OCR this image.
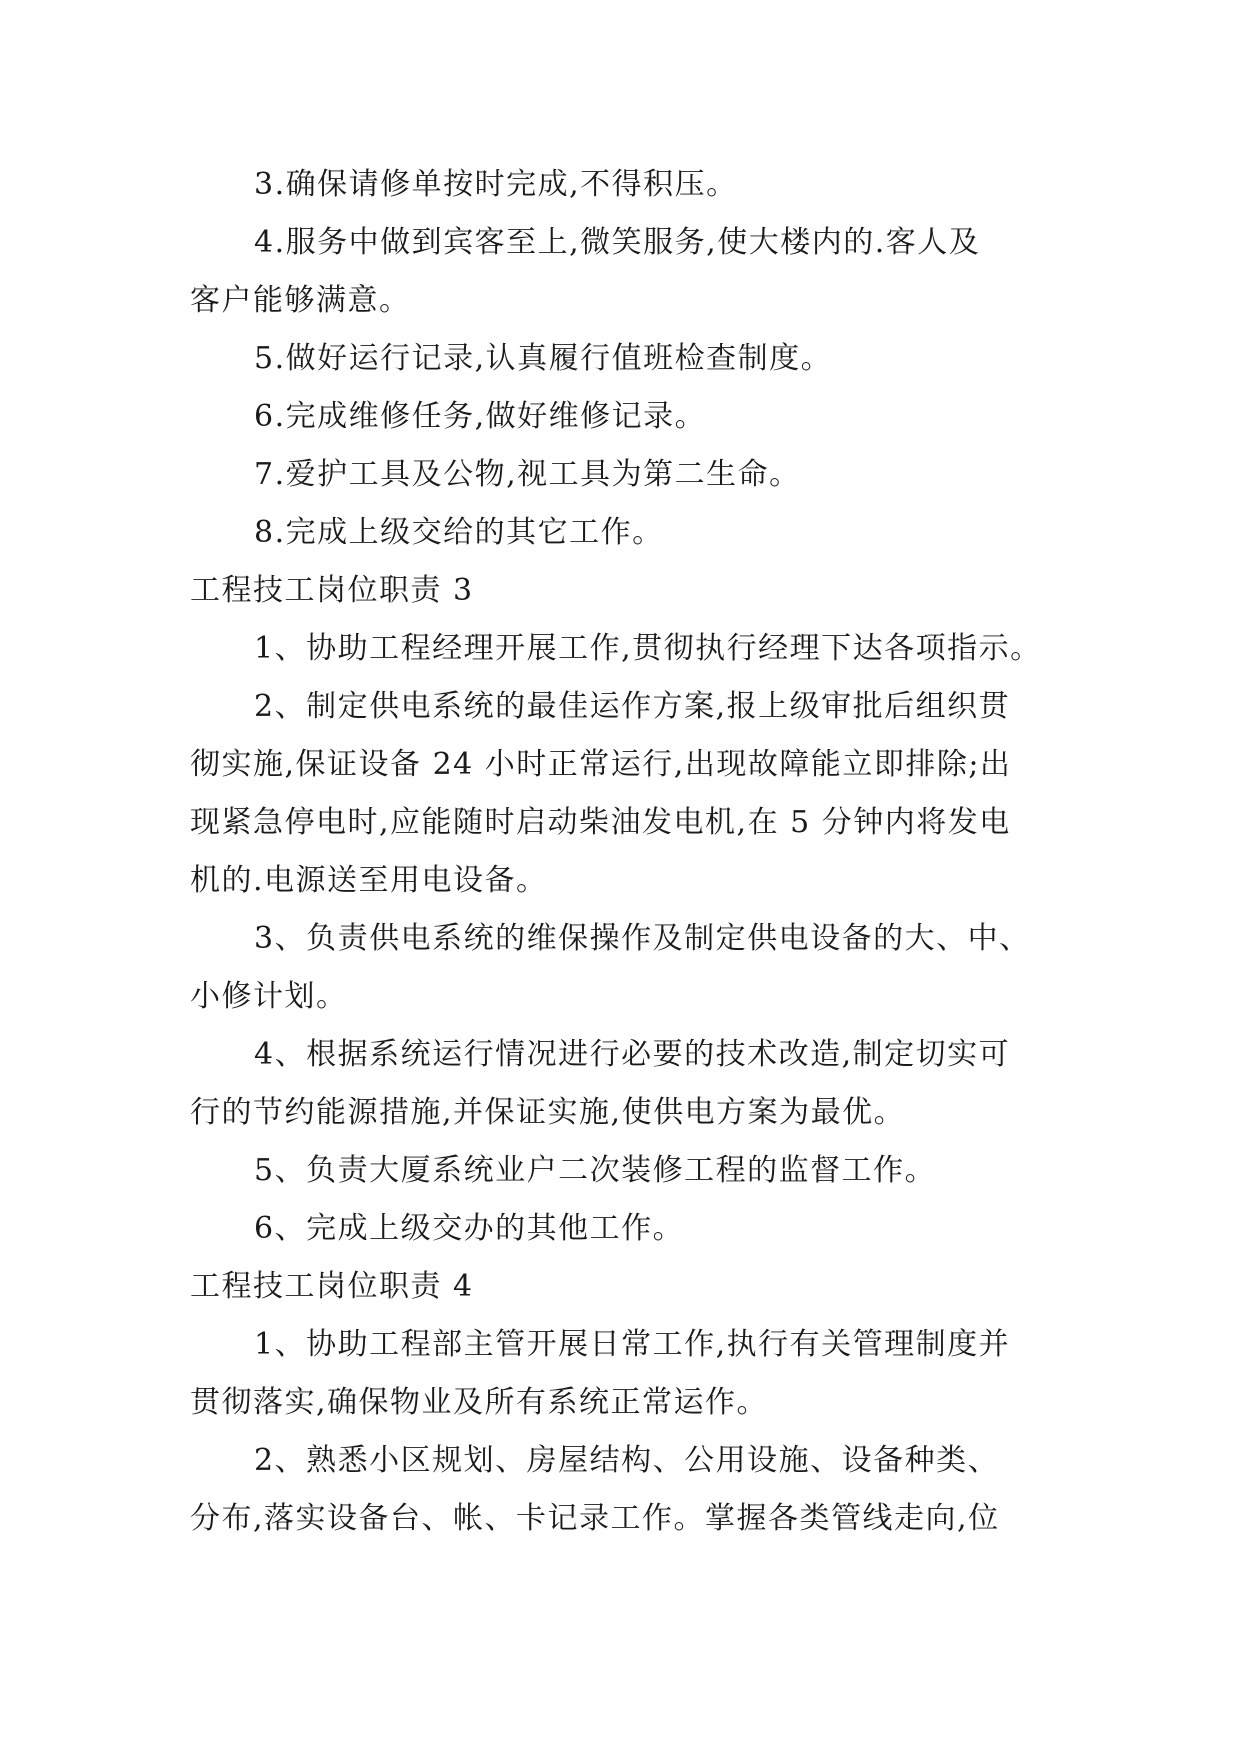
3.确保请修单按时完成,不得积压。
4.服务中做到宾客至上,微笑服务,使大楼内的.客人及
客户能够满意。
5.做好运行记录,认真履行值班检查制度。
6.完成维修任务,做好维修记录。
7.爱护工具及公物,视工具为第二生命。
8.完成上级交给的其它工作。
工程技工岗位职责 3
1、协助工程经理开展工作,贯彻执行经理下达各项指示。
2、制定供电系统的最佳运作方案,报上级审批后组织贯
彻实施,保证设备 24 小时正常运行,出现故障能立即排除;出
现紧急停电时,应能随时启动柴油发电机,在 5 分钟内将发电
机的.电源送至用电设备。
3、负责供电系统的维保操作及制定供电设备的大、中、
小修计划。
4、根据系统运行情况进行必要的技术改造,制定切实可
行的节约能源措施,并保证实施,使供电方案为最优。
5、负责大厦系统业户二次装修工程的监督工作。
6、完成上级交办的其他工作。
工程技工岗位职责 4
1、协助工程部主管开展日常工作,执行有关管理制度并
贯彻落实,确保物业及所有系统正常运作。
2、熟悉小区规划、房屋结构、公用设施、设备种类、
分布,落实设备台、帐、卡记录工作。掌握各类管线走向,位
